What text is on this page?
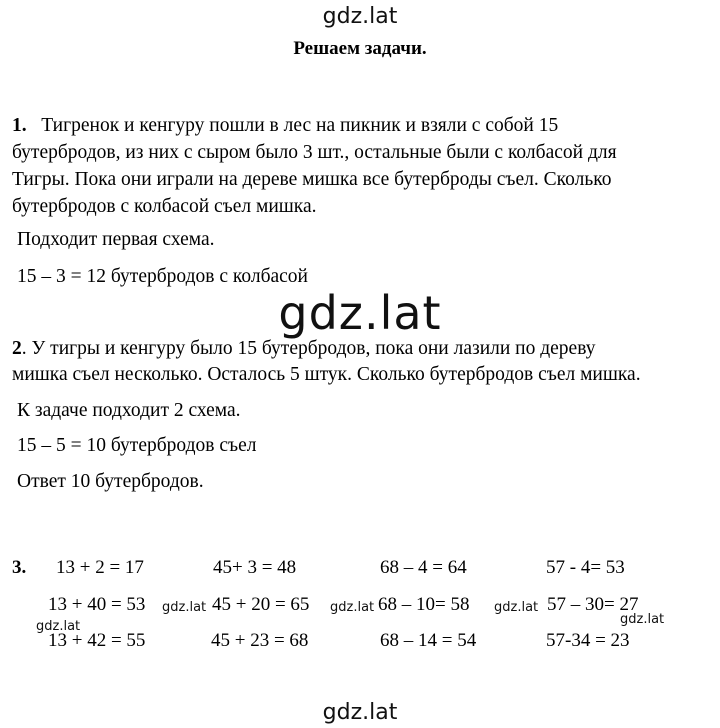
gdz.lat
Решаем задачи.
1. Тигренок и кенгуру пошли в лес на пикник и взяли с собой 15
бутербродов, из них с сыром было 3 шт., остальные были с колбасой для
Тигры. Пока они играли на дереве мишка все бутерброды съел. Сколько
бутербродов с колбасой съел мишка.
Подходит первая схема.
15 – 3 = 12 бутербродов с колбасой
gdz.lat
2. У тигры и кенгуру было 15 бутербродов, пока они лазили по дереву
мишка съел несколько. Осталось 5 штук. Сколько бутербродов съел мишка.
К задаче подходит 2 схема.
15 – 5 = 10 бутербродов съел
Ответ 10 бутербродов.
3. 13 + 2 = 17	45+ 3 = 48	68 – 4 = 64	57 - 4= 53
13 + 40 = 53	45 + 20 = 65	68 – 10= 58	57 – 30= 27
13 + 42 = 55	45 + 23 = 68	68 – 14 = 54	57-34 = 23
gdz.lat	gdz.lat	gdz.lat
gdz.lat	gdz.lat
gdz.lat
